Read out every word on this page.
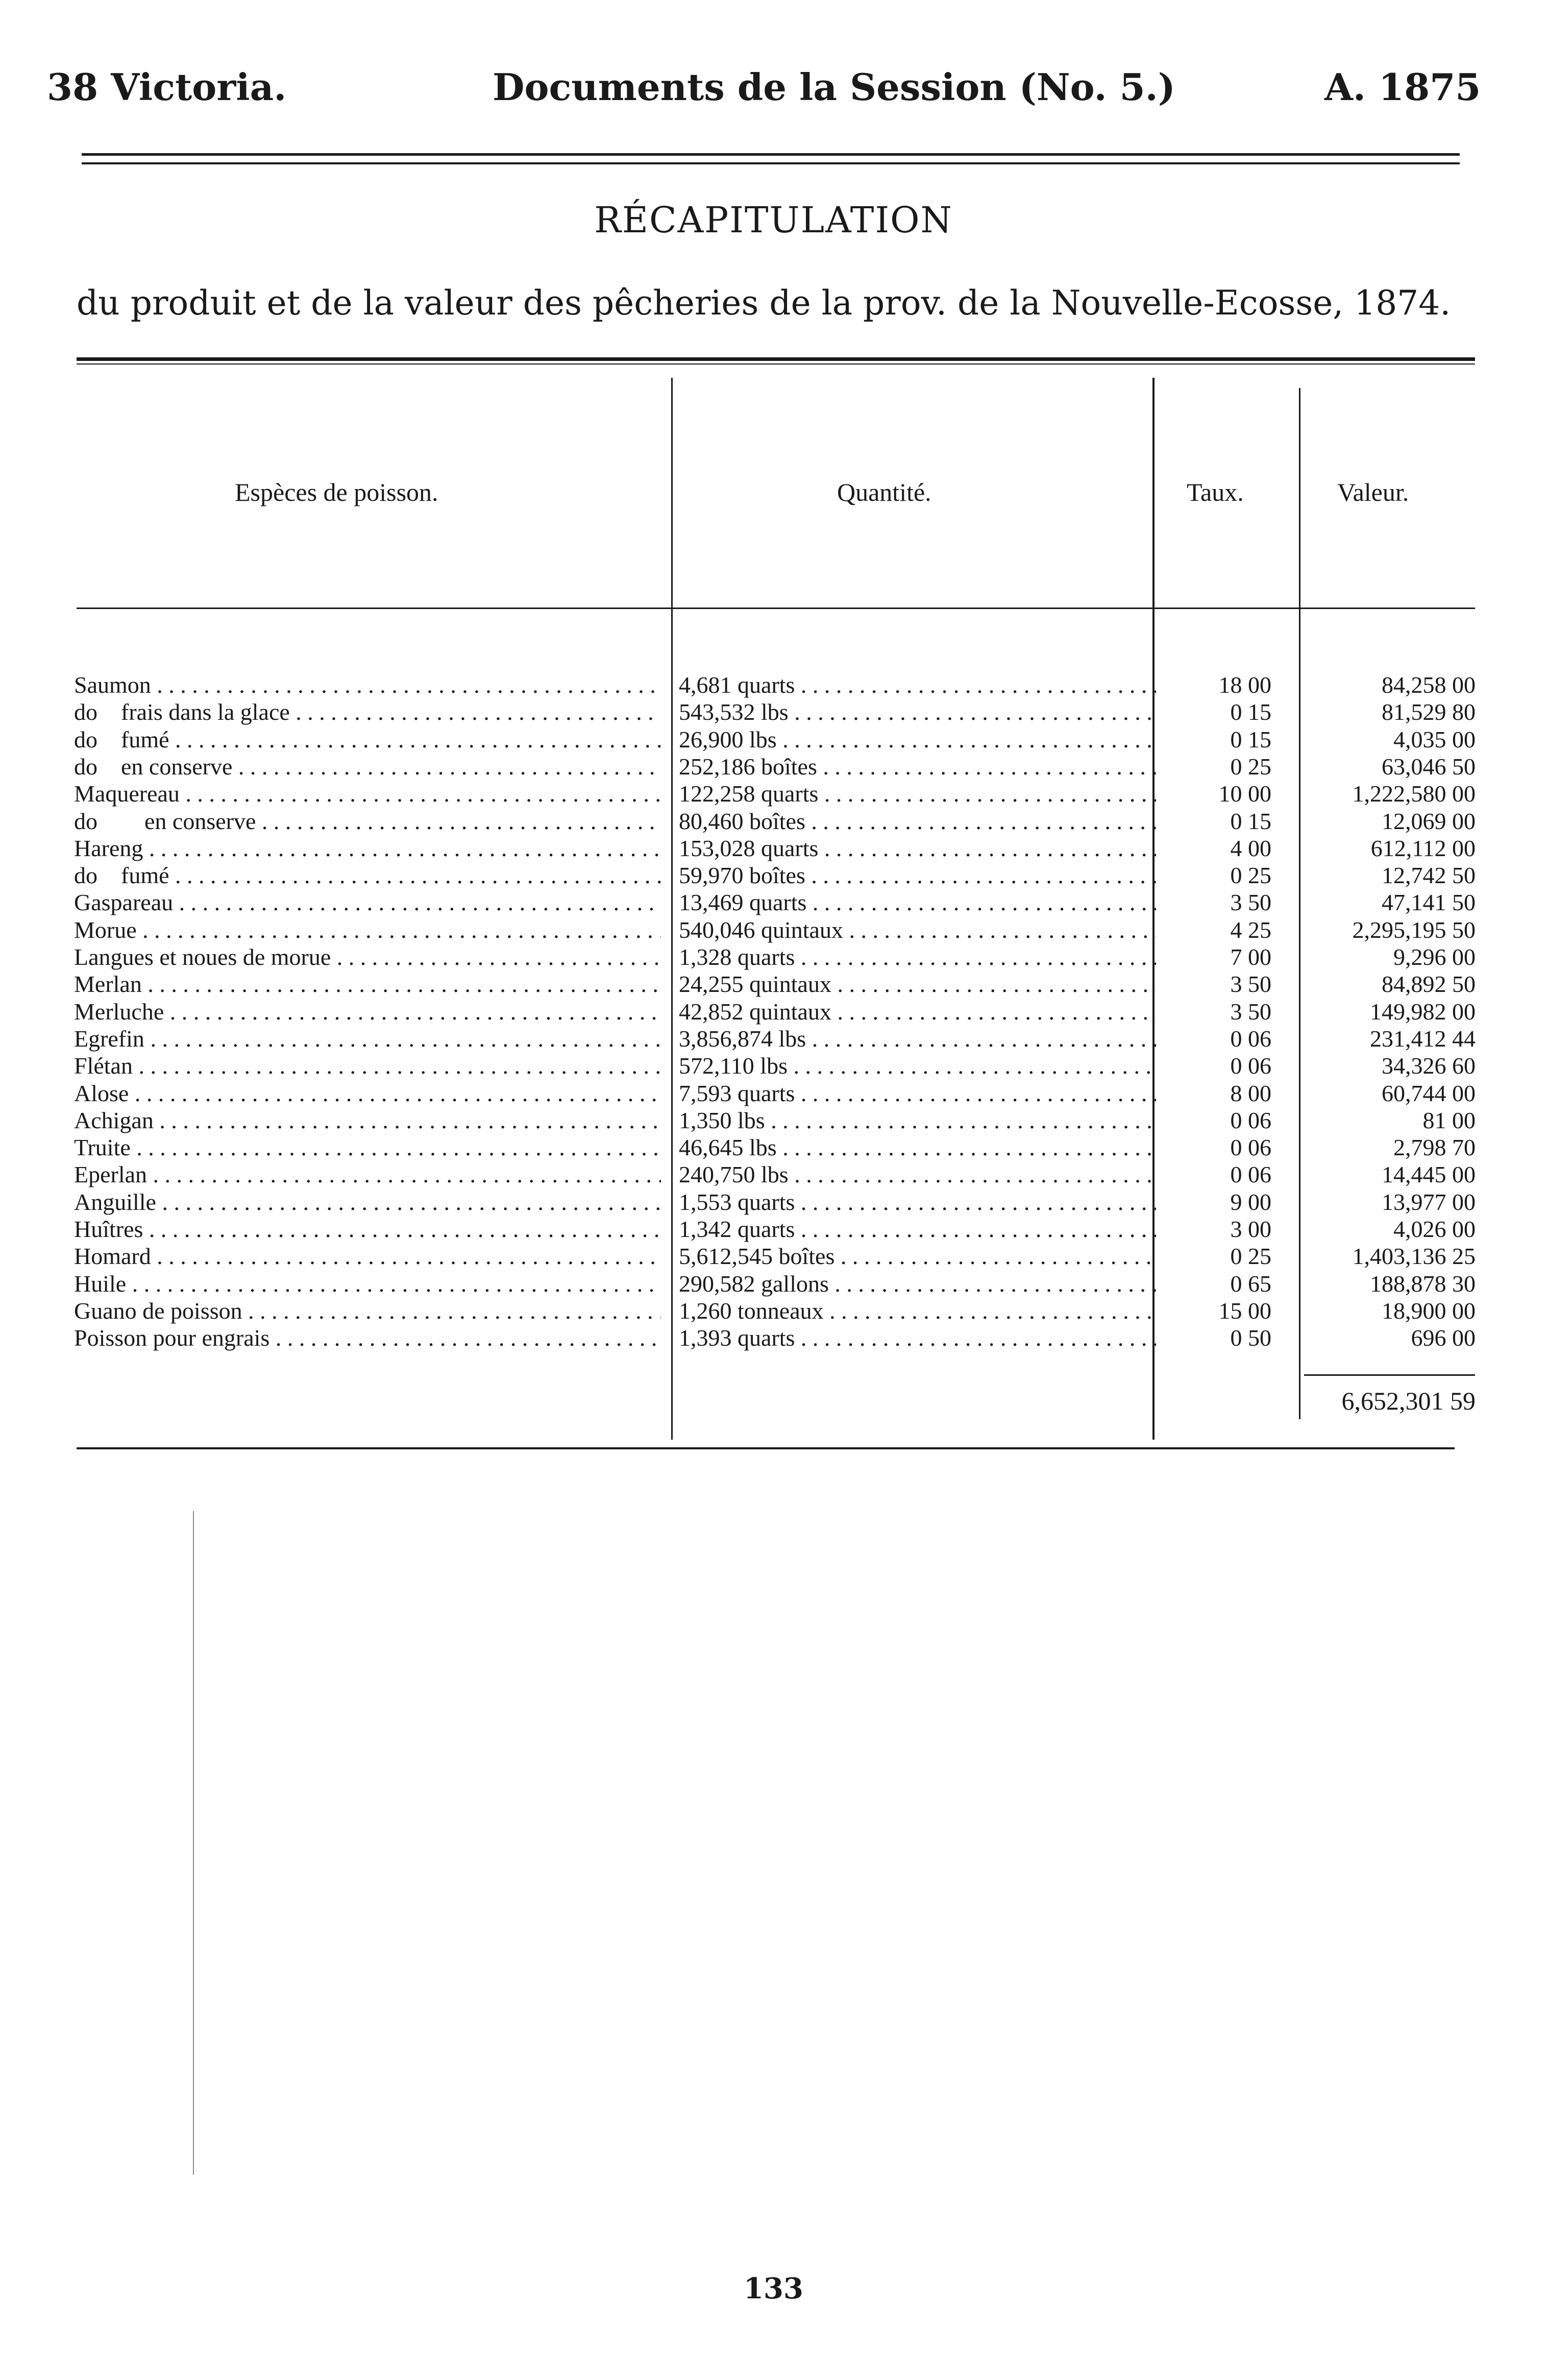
38 Victoria.	Documents de la Session (No. 5.)	A. 1875
RÉCAPITULATION
du produit et de la valeur des pêcheries de la prov. de la Nouvelle-Ecosse, 1874.
Espèces de poisson.	Quantité.	Taux.	Valeur.
Saumon . . .	4,681 quarts . . .	18 00	84,258 00
do    frais dans la glace . . .	543,532 lbs . . .	0 15	81,529 80
do    fumé . . .	26,900 lbs . . .	0 15	4,035 00
do    en conserve . . .	252,186 boîtes . . .	0 25	63,046 50
Maquereau . . .	122,258 quarts . . .	10 00	1,222,580 00
do        en conserve . . .	80,460 boîtes . . .	0 15	12,069 00
Hareng . . .	153,028 quarts . . .	4 00	612,112 00
do    fumé . . .	59,970 boîtes . . .	0 25	12,742 50
Gaspareau . . .	13,469 quarts . . .	3 50	47,141 50
Morue . . .	540,046 quintaux . . .	4 25	2,295,195 50
Langues et noues de morue . . .	1,328 quarts . . .	7 00	9,296 00
Merlan . . .	24,255 quintaux . . .	3 50	84,892 50
Merluche . . .	42,852 quintaux . . .	3 50	149,982 00
Egrefin . . .	3,856,874 lbs . . .	0 06	231,412 44
Flétan . . .	572,110 lbs . . .	0 06	34,326 60
Alose . . .	7,593 quarts . . .	8 00	60,744 00
Achigan . . .	1,350 lbs . . .	0 06	81 00
Truite . . .	46,645 lbs . . .	0 06	2,798 70
Eperlan . . .	240,750 lbs . . .	0 06	14,445 00
Anguille . . .	1,553 quarts . . .	9 00	13,977 00
Huîtres . . .	1,342 quarts . . .	3 00	4,026 00
Homard . . .	5,612,545 boîtes . . .	0 25	1,403,136 25
Huile . . .	290,582 gallons . . .	0 65	188,878 30
Guano de poisson . . .	1,260 tonneaux . . .	15 00	18,900 00
Poisson pour engrais . . .	1,393 quarts . . .	0 50	696 00
6,652,301 59
133
